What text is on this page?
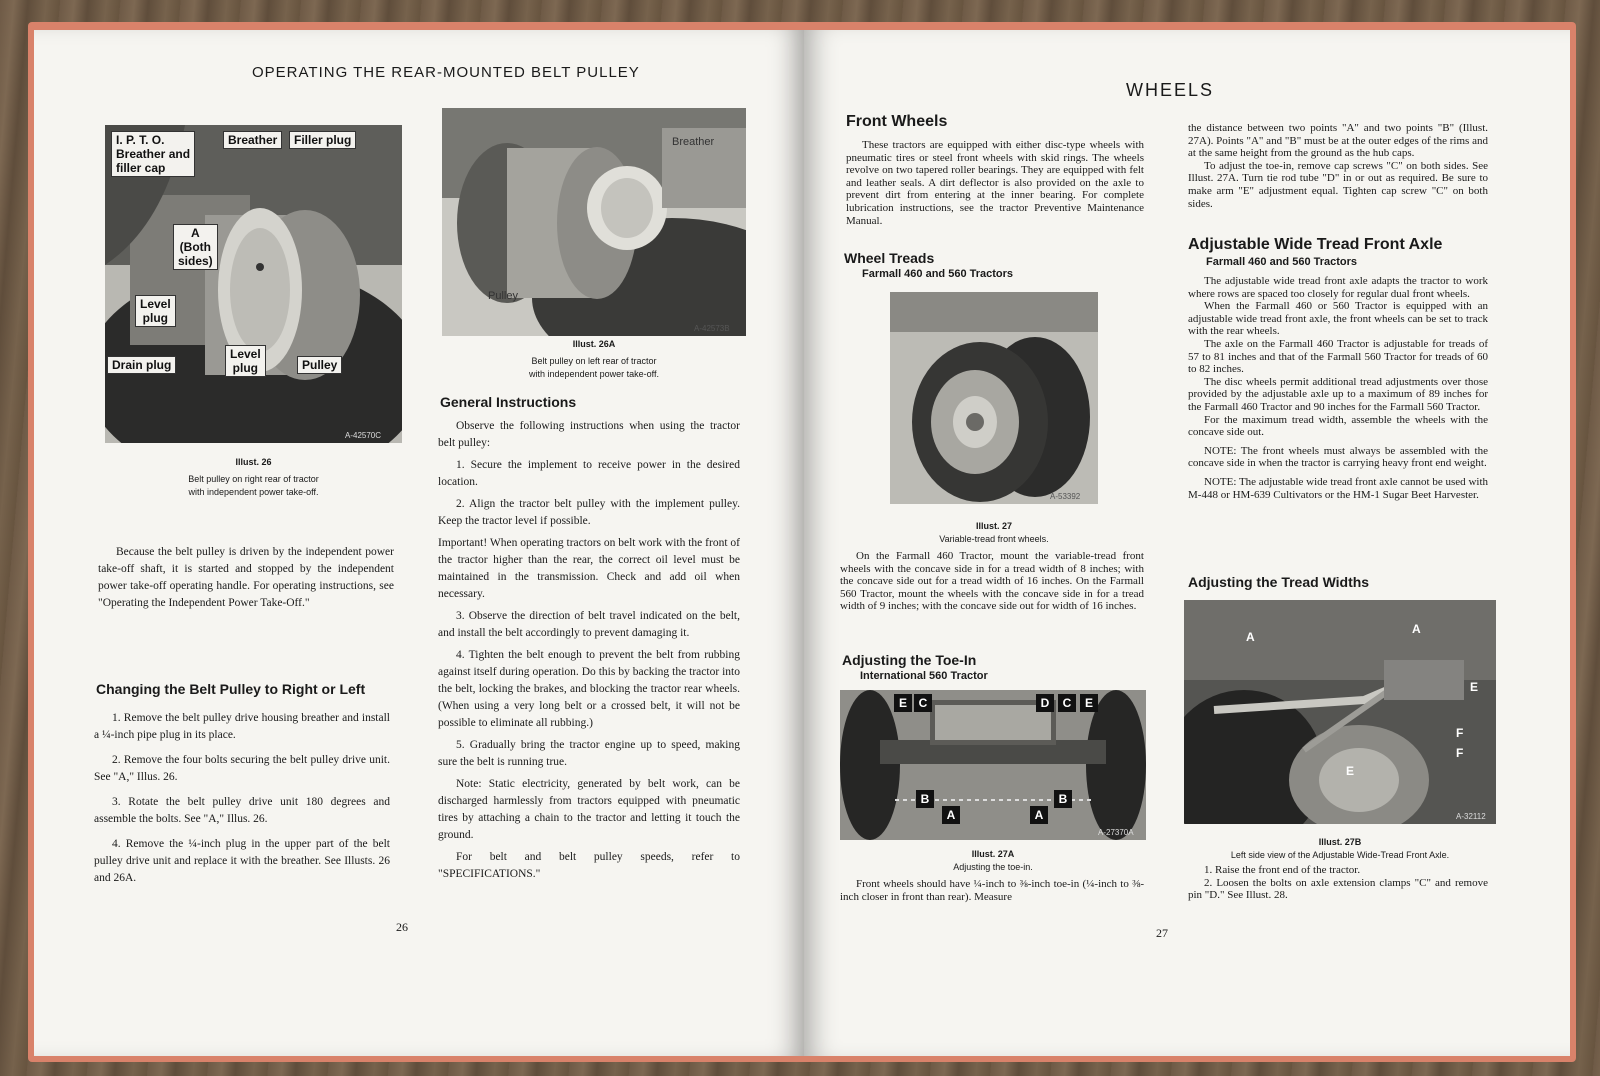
OPERATING THE REAR-MOUNTED BELT PULLEY
I. P. T. O.
Breather and
filler cap
Breather	Filler plug
A
(Both
sides)
Level
plug
Drain plug
Level
plug	Pulley
A-42570C
Illust. 26
Belt pulley on right rear of tractor
with independent power take-off.
Breather
Pulley
A-42573B
Illust. 26A
Belt pulley on left rear of tractor
with independent power take-off.

Because the belt pulley is driven by the independent power take-off shaft, it is started and stopped by the independent power take-off operating handle. For operating instructions, see "Operating the Independent Power Take-Off."

Changing the Belt Pulley to Right or Left

1. Remove the belt pulley drive housing breather and install a ¼-inch pipe plug in its place.

2. Remove the four bolts securing the belt pulley drive unit. See "A," Illus. 26.

3. Rotate the belt pulley drive unit 180 degrees and assemble the bolts. See "A," Illus. 26.

4. Remove the ¼-inch plug in the upper part of the belt pulley drive unit and replace it with the breather. See Illusts. 26 and 26A.

General Instructions

Observe the following instructions when using the tractor belt pulley:

1. Secure the implement to receive power in the desired location.

2. Align the tractor belt pulley with the implement pulley. Keep the tractor level if possible.

Important! When operating tractors on belt work with the front of the tractor higher than the rear, the correct oil level must be maintained in the transmission. Check and add oil when necessary.

3. Observe the direction of belt travel indicated on the belt, and install the belt accordingly to prevent damaging it.

4. Tighten the belt enough to prevent the belt from rubbing against itself during operation. Do this by backing the tractor into the belt, locking the brakes, and blocking the tractor rear wheels. (When using a very long belt or a crossed belt, it will not be possible to eliminate all rubbing.)

5. Gradually bring the tractor engine up to speed, making sure the belt is running true.

Note: Static electricity, generated by belt work, can be discharged harmlessly from tractors equipped with pneumatic tires by attaching a chain to the tractor and letting it touch the ground.

For belt and belt pulley speeds, refer to "SPECIFICATIONS."

26
WHEELS
Front Wheels

These tractors are equipped with either disc-type wheels with pneumatic tires or steel front wheels with skid rings. The wheels revolve on two tapered roller bearings. They are equipped with felt and leather seals. A dirt deflector is also provided on the axle to prevent dirt from entering at the inner bearing. For complete lubrication instructions, see the tractor Preventive Maintenance Manual.

Wheel Treads
Farmall 460 and 560 Tractors
A-53392
Illust. 27
Variable-tread front wheels.

On the Farmall 460 Tractor, mount the variable-tread front wheels with the concave side in for a tread width of 8 inches; with the concave side out for a tread width of 16 inches. On the Farmall 560 Tractor, mount the wheels with the concave side in for a tread width of 9 inches; with the concave side out for width of 16 inches.

Adjusting the Toe-In
International 560 Tractor
E C	D	C	E
B
A
B
A
A-27370A
Illust. 27A
Adjusting the toe-in.

Front wheels should have ¼-inch to ⅜-inch toe-in (¼-inch to ⅜-inch closer in front than rear). Measure

27

the distance between two points "A" and two points "B" (Illust. 27A). Points "A" and "B" must be at the outer edges of the rims and at the same height from the ground as the hub caps.

To adjust the toe-in, remove cap screws "C" on both sides. See Illust. 27A. Turn tie rod tube "D" in or out as required. Be sure to make arm "E" adjustment equal. Tighten cap screw "C" on both sides.

Adjustable Wide Tread Front Axle
Farmall 460 and 560 Tractors

The adjustable wide tread front axle adapts the tractor to work where rows are spaced too closely for regular dual front wheels.

When the Farmall 460 or 560 Tractor is equipped with an adjustable wide tread front axle, the front wheels can be set to track with the rear wheels.

The axle on the Farmall 460 Tractor is adjustable for treads of 57 to 81 inches and that of the Farmall 560 Tractor for treads of 60 to 82 inches.

The disc wheels permit additional tread adjustments over those provided by the adjustable axle up to a maximum of 89 inches for the Farmall 460 Tractor and 90 inches for the Farmall 560 Tractor.

For the maximum tread width, assemble the wheels with the concave side out.

NOTE: The front wheels must always be assembled with the concave side in when the tractor is carrying heavy front end weight.

NOTE: The adjustable wide tread front axle cannot be used with M-448 or HM-639 Cultivators or the HM-1 Sugar Beet Harvester.

Adjusting the Tread Widths
A
A
E
F
F
E
A-32112
Illust. 27B
Left side view of the Adjustable Wide-Tread Front Axle.

1. Raise the front end of the tractor.

2. Loosen the bolts on axle extension clamps "C" and remove pin "D." See Illust. 28.
